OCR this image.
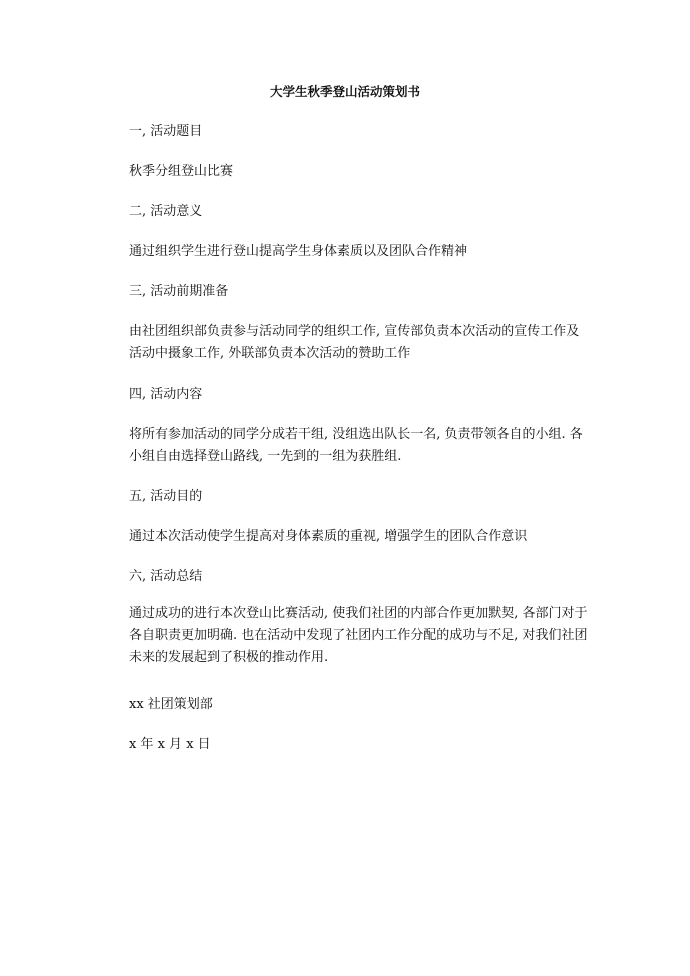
大学生秋季登山活动策划书
一, 活动题目
秋季分组登山比赛
二, 活动意义
通过组织学生进行登山提高学生身体素质以及团队合作精神
三, 活动前期准备
由社团组织部负责参与活动同学的组织工作, 宣传部负责本次活动的宣传工作及活动中摄象工作, 外联部负责本次活动的赞助工作
四, 活动内容
将所有参加活动的同学分成若干组, 没组选出队长一名, 负责带领各自的小组. 各小组自由选择登山路线, 一先到的一组为获胜组.
五, 活动目的
通过本次活动使学生提高对身体素质的重视, 增强学生的团队合作意识
六, 活动总结
通过成功的进行本次登山比赛活动, 使我们社团的内部合作更加默契, 各部门对于各自职责更加明确. 也在活动中发现了社团内工作分配的成功与不足, 对我们社团未来的发展起到了积极的推动作用.
xx 社团策划部
x 年 x 月 x 日
